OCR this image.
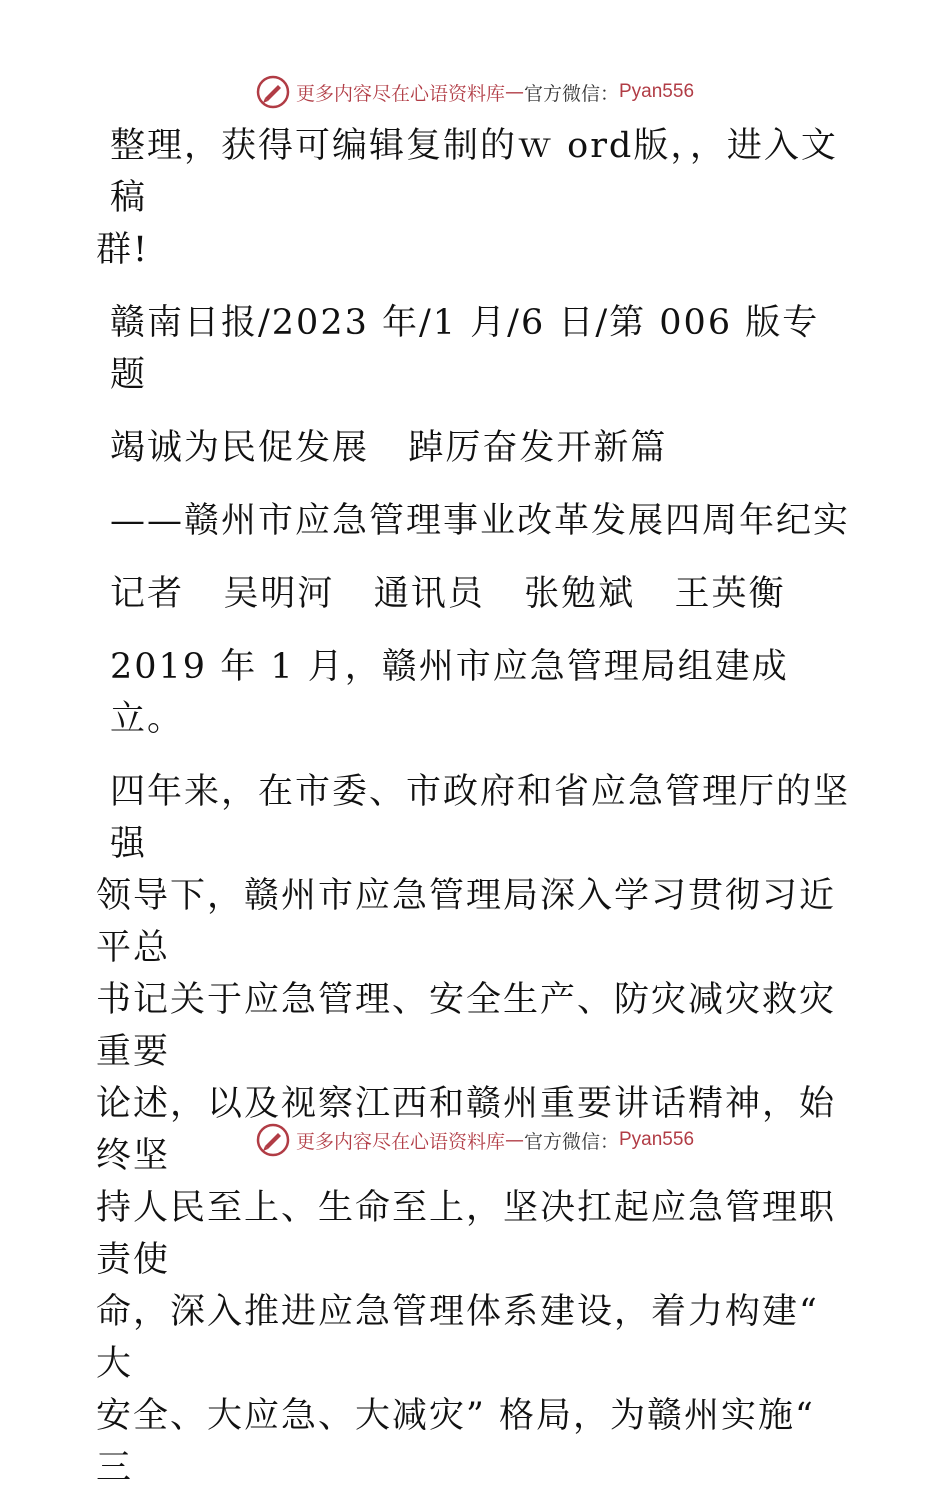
更多内容尽在心语资料库 — 官方微信： Pyan556

整理，获得可编辑复制的ｗ ord版，，进入文稿

群!

赣南日报/2023 年/1 月/6 日/第 006 版专题

竭诚为民促发展   踔厉奋发开新篇

——赣州市应急管理事业改革发展四周年纪实

记者   吴明河   通讯员   张勉斌   王英衡

2019 年 1 月，赣州市应急管理局组建成立。

四年来，在市委、市政府和省应急管理厅的坚强

领导下，赣州市应急管理局深入学习贯彻习近平总

书记关于应急管理、安全生产、防灾减灾救灾重要

论述，以及视察江西和赣州重要讲话精神，始终坚

持人民至上、生命至上，坚决扛起应急管理职责使

命，深入推进应急管理体系建设，着力构建“ 大

安全、大应急、大减灾” 格局，为赣州实施“ 三

更多内容尽在心语资料库 — 官方微信： Pyan556
